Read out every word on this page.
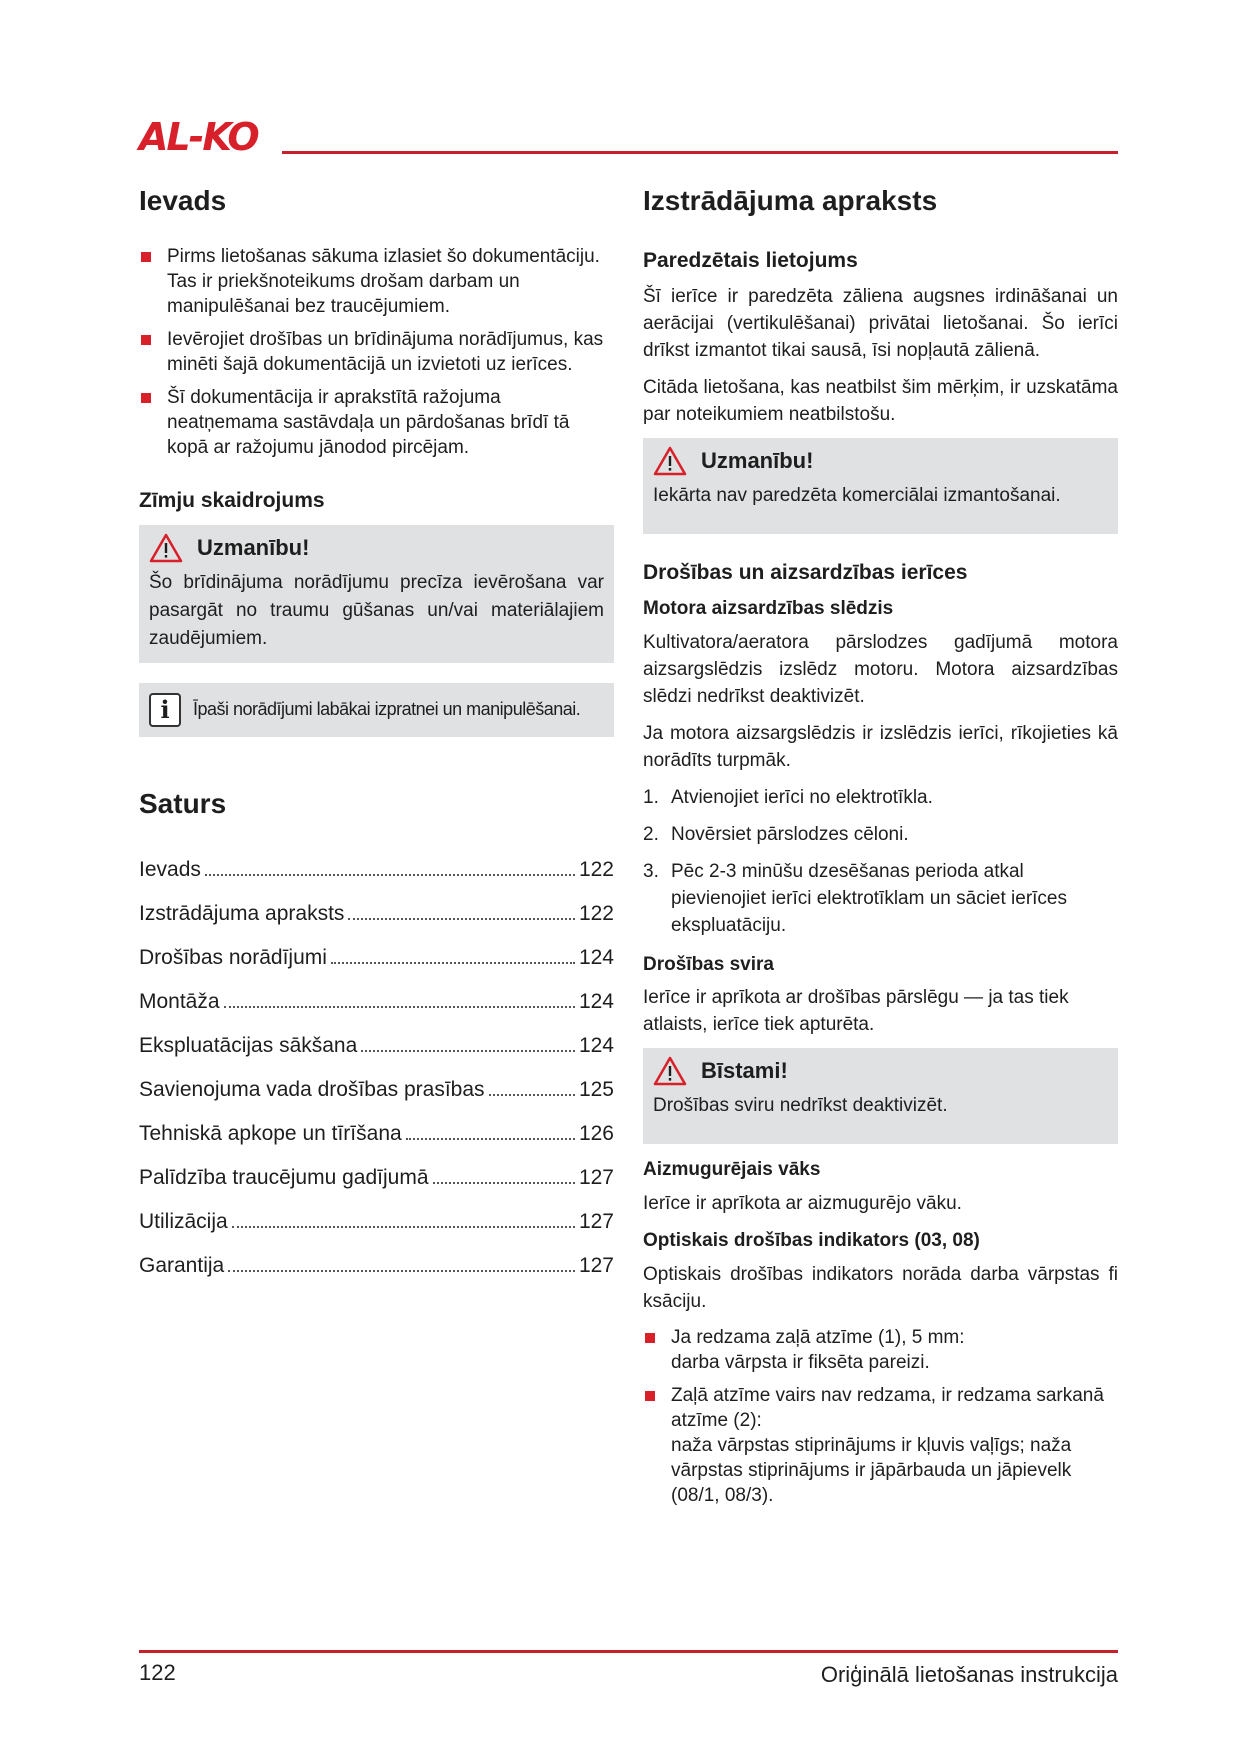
AL-KO
Ievads
Pirms lietošanas sākuma izlasiet šo dokumentāciju. Tas ir priekšnoteikums drošam darbam un manipulēšanai bez traucējumiem.
Ievērojiet drošības un brīdinājuma norādījumus, kas minēti šajā dokumentācijā un izvietoti uz ierīces.
Šī dokumentācija ir aprakstītā ražojuma neatņemama sastāvdaļa un pārdošanas brīdī tā kopā ar ražojumu jānodod pircējam.
Zīmju skaidrojums
Uzmanību!
Šo brīdinājuma norādījumu precīza ievērošana var pasargāt no traumu gūšanas un/vai materiālajiem zaudējumiem.
i	Īpaši norādījumi labākai izpratnei un manipulēšanai.
Saturs
Ievads	122
Izstrādājuma apraksts	122
Drošības norādījumi	124
Montāža	124
Ekspluatācijas sākšana	124
Savienojuma vada drošības prasības	125
Tehniskā apkope un tīrīšana	126
Palīdzība traucējumu gadījumā	127
Utilizācija	127
Garantija	127
Izstrādājuma apraksts
Paredzētais lietojums

Šī ierīce ir paredzēta zāliena augsnes irdināšanai un aerācijai (vertikulēšanai) privātai lietošanai. Šo ierīci drīkst izmantot tikai sausā, īsi nopļautā zālienā.

Citāda lietošana, kas neatbilst šim mērķim, ir uzskatāma par noteikumiem neatbilstošu.

Uzmanību!
Iekārta nav paredzēta komerciālai izmantošanai.
Drošības un aizsardzības ierīces
Motora aizsardzības slēdzis

Kultivatora/aeratora pārslodzes gadījumā motora aizsargslēdzis izslēdz motoru. Motora aizsardzības slēdzi nedrīkst deaktivizēt.

Ja motora aizsargslēdzis ir izslēdzis ierīci, rīkojieties kā norādīts turpmāk.

1. Atvienojiet ierīci no elektrotīkla.
2. Novērsiet pārslodzes cēloni.
3. Pēc 2-3 minūšu dzesēšanas perioda atkal pievienojiet ierīci elektrotīklam un sāciet ierīces ekspluatāciju.
Drošības svira

Ierīce ir aprīkota ar drošības pārslēgu — ja tas tiek atlaists, ierīce tiek apturēta.

Bīstami!
Drošības sviru nedrīkst deaktivizēt.
Aizmugurējais vāks

Ierīce ir aprīkota ar aizmugurējo vāku.

Optiskais drošības indikators (03, 08)

Optiskais drošības indikators norāda darba vārpstas fi ksāciju.

Ja redzama zaļā atzīme (1), 5 mm:
darba vārpsta ir fiksēta pareizi.
Zaļā atzīme vairs nav redzama, ir redzama sarkanā atzīme (2):
naža vārpstas stiprinājums ir kļuvis vaļīgs; naža vārpstas stiprinājums ir jāpārbauda un jāpievelk (08/1, 08/3).
122	Oriģinālā lietošanas instrukcija
